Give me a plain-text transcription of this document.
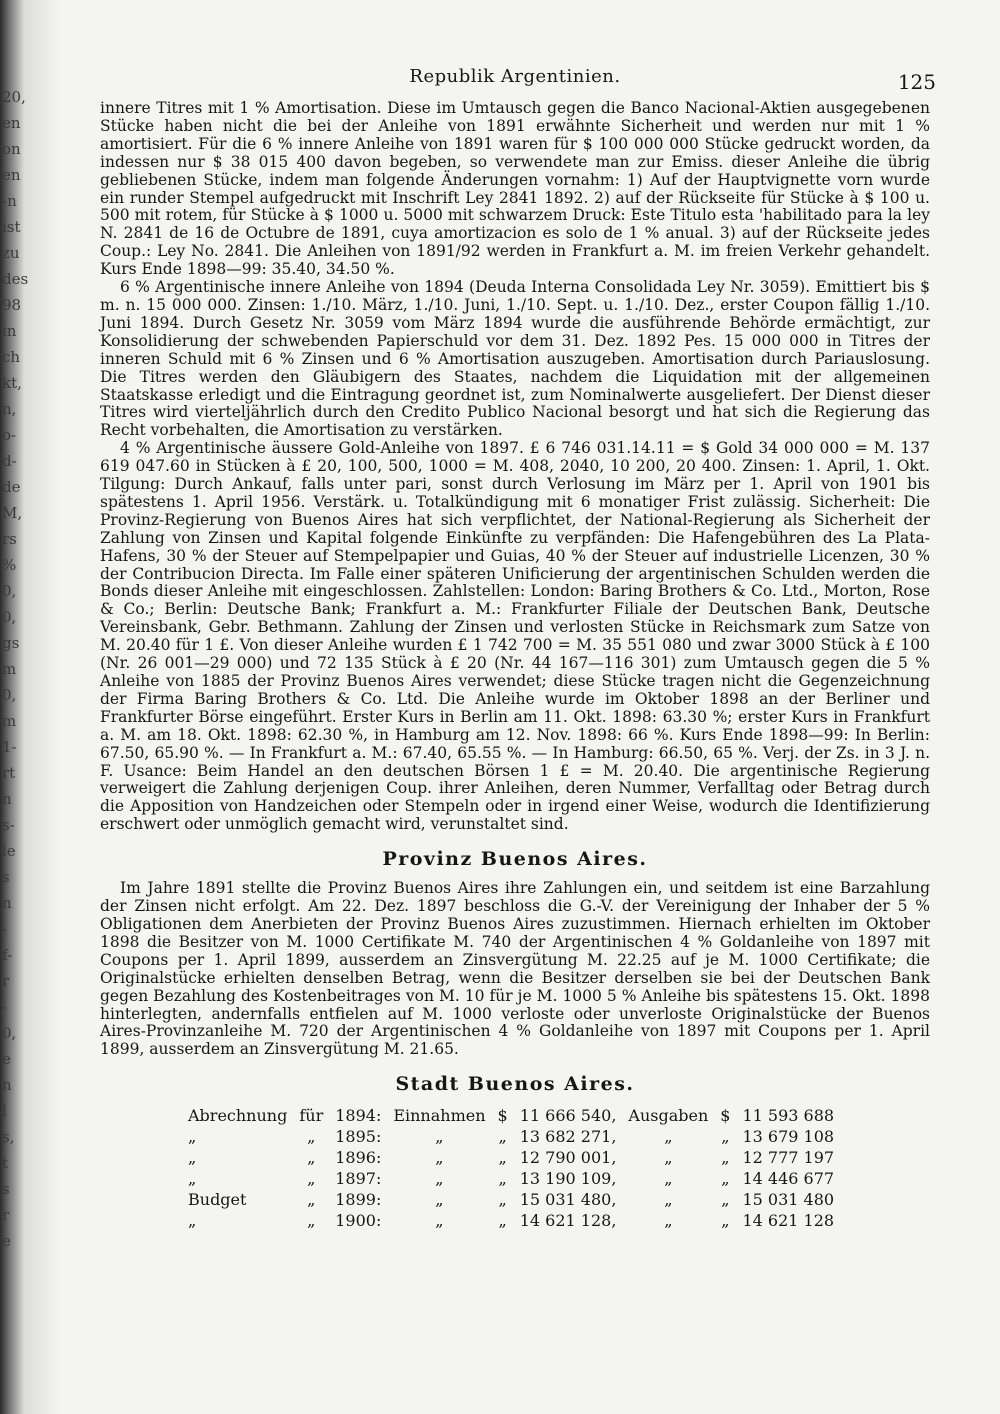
20,
en
on
en
-n
ist
zu
des
98
in
ch
kt,
n,
o-
d-
de
M,
rs
%
0,
0,
gs
m
0,
m
1-
rt
n
s-
le
s
n
-
f-
r
-
0,
e
n
l
s,
t
s
r
e
Republik Argentinien.	125

innere Titres mit 1 % Amortisation. Diese im Umtausch gegen die Banco Nacional-Aktien ausgegebenen Stücke haben nicht die bei der Anleihe von 1891 erwähnte Sicherheit und werden nur mit 1 % amortisiert. Für die 6 % innere Anleihe von 1891 waren für $ 100 000 000 Stücke gedruckt worden, da indessen nur $ 38 015 400 davon begeben, so verwendete man zur Emiss. dieser Anleihe die übrig gebliebenen Stücke, indem man folgende Änderungen vornahm: 1) Auf der Hauptvignette vorn wurde ein runder Stempel aufgedruckt mit Inschrift Ley 2841 1892. 2) auf der Rückseite für Stücke à $ 100 u. 500 mit rotem, für Stücke à $ 1000 u. 5000 mit schwarzem Druck: Este Titulo esta 'habilitado para la ley N. 2841 de 16 de Octubre de 1891, cuya amortizacion es solo de 1 % anual. 3) auf der Rückseite jedes Coup.: Ley No. 2841. Die Anleihen von 1891/92 werden in Frankfurt a. M. im freien Verkehr gehandelt. Kurs Ende 1898—99: 35.40, 34.50 %.

6 % Argentinische innere Anleihe von 1894 (Deuda Interna Consolidada Ley Nr. 3059). Emittiert bis $ m. n. 15 000 000. Zinsen: 1./10. März, 1./10. Juni, 1./10. Sept. u. 1./10. Dez., erster Coupon fällig 1./10. Juni 1894. Durch Gesetz Nr. 3059 vom März 1894 wurde die ausführende Behörde ermächtigt, zur Konsolidierung der schwebenden Papierschuld vor dem 31. Dez. 1892 Pes. 15 000 000 in Titres der inneren Schuld mit 6 % Zinsen und 6 % Amortisation auszugeben. Amortisation durch Pariauslosung. Die Titres werden den Gläubigern des Staates, nachdem die Liquidation mit der allgemeinen Staatskasse erledigt und die Eintragung geordnet ist, zum Nominalwerte ausgeliefert. Der Dienst dieser Titres wird vierteljährlich durch den Credito Publico Nacional besorgt und hat sich die Regierung das Recht vorbehalten, die Amortisation zu verstärken.

4 % Argentinische äussere Gold-Anleihe von 1897. £ 6 746 031.14.11 = $ Gold 34 000 000 = M. 137 619 047.60 in Stücken à £ 20, 100, 500, 1000 = M. 408, 2040, 10 200, 20 400. Zinsen: 1. April, 1. Okt. Tilgung: Durch Ankauf, falls unter pari, sonst durch Verlosung im März per 1. April von 1901 bis spätestens 1. April 1956. Verstärk. u. Totalkündigung mit 6 monatiger Frist zulässig. Sicherheit: Die Provinz-Regierung von Buenos Aires hat sich verpflichtet, der National-Regierung als Sicherheit der Zahlung von Zinsen und Kapital folgende Einkünfte zu verpfänden: Die Hafengebühren des La Plata-Hafens, 30 % der Steuer auf Stempelpapier und Guias, 40 % der Steuer auf industrielle Licenzen, 30 % der Contribucion Directa. Im Falle einer späteren Unificierung der argentinischen Schulden werden die Bonds dieser Anleihe mit eingeschlossen. Zahlstellen: London: Baring Brothers & Co. Ltd., Morton, Rose & Co.; Berlin: Deutsche Bank; Frankfurt a. M.: Frankfurter Filiale der Deutschen Bank, Deutsche Vereinsbank, Gebr. Bethmann. Zahlung der Zinsen und verlosten Stücke in Reichsmark zum Satze von M. 20.40 für 1 £. Von dieser Anleihe wurden £ 1 742 700 = M. 35 551 080 und zwar 3000 Stück à £ 100 (Nr. 26 001—29 000) und 72 135 Stück à £ 20 (Nr. 44 167—116 301) zum Umtausch gegen die 5 % Anleihe von 1885 der Provinz Buenos Aires verwendet; diese Stücke tragen nicht die Gegenzeichnung der Firma Baring Brothers & Co. Ltd. Die Anleihe wurde im Oktober 1898 an der Berliner und Frankfurter Börse eingeführt. Erster Kurs in Berlin am 11. Okt. 1898: 63.30 %; erster Kurs in Frankfurt a. M. am 18. Okt. 1898: 62.30 %, in Hamburg am 12. Nov. 1898: 66 %. Kurs Ende 1898—99: In Berlin: 67.50, 65.90 %. — In Frankfurt a. M.: 67.40, 65.55 %. — In Hamburg: 66.50, 65 %. Verj. der Zs. in 3 J. n. F. Usance: Beim Handel an den deutschen Börsen 1 £ = M. 20.40. Die argentinische Regierung verweigert die Zahlung derjenigen Coup. ihrer Anleihen, deren Nummer, Verfalltag oder Betrag durch die Apposition von Handzeichen oder Stempeln oder in irgend einer Weise, wodurch die Identifizierung erschwert oder unmöglich gemacht wird, verunstaltet sind.

Provinz Buenos Aires.

Im Jahre 1891 stellte die Provinz Buenos Aires ihre Zahlungen ein, und seitdem ist eine Barzahlung der Zinsen nicht erfolgt. Am 22. Dez. 1897 beschloss die G.-V. der Vereinigung der Inhaber der 5 % Obligationen dem Anerbieten der Provinz Buenos Aires zuzustimmen. Hiernach erhielten im Oktober 1898 die Besitzer von M. 1000 Certifikate M. 740 der Argentinischen 4 % Goldanleihe von 1897 mit Coupons per 1. April 1899, ausserdem an Zinsvergütung M. 22.25 auf je M. 1000 Certifikate; die Originalstücke erhielten denselben Betrag, wenn die Besitzer derselben sie bei der Deutschen Bank gegen Bezahlung des Kostenbeitrages von M. 10 für je M. 1000 5 % Anleihe bis spätestens 15. Okt. 1898 hinterlegten, andernfalls entfielen auf M. 1000 verloste oder unverloste Originalstücke der Buenos Aires-Provinzanleihe M. 720 der Argentinischen 4 % Goldanleihe von 1897 mit Coupons per 1. April 1899, ausserdem an Zinsvergütung M. 21.65.

Stadt Buenos Aires.
Abrechnung	für	1894:	Einnahmen	$	11 666 540,	Ausgaben	$	11 593 688
„	„	1895:	„	„	13 682 271,	„	„	13 679 108
„	„	1896:	„	„	12 790 001,	„	„	12 777 197
„	„	1897:	„	„	13 190 109,	„	„	14 446 677
Budget	„	1899:	„	„	15 031 480,	„	„	15 031 480
„	„	1900:	„	„	14 621 128,	„	„	14 621 128
